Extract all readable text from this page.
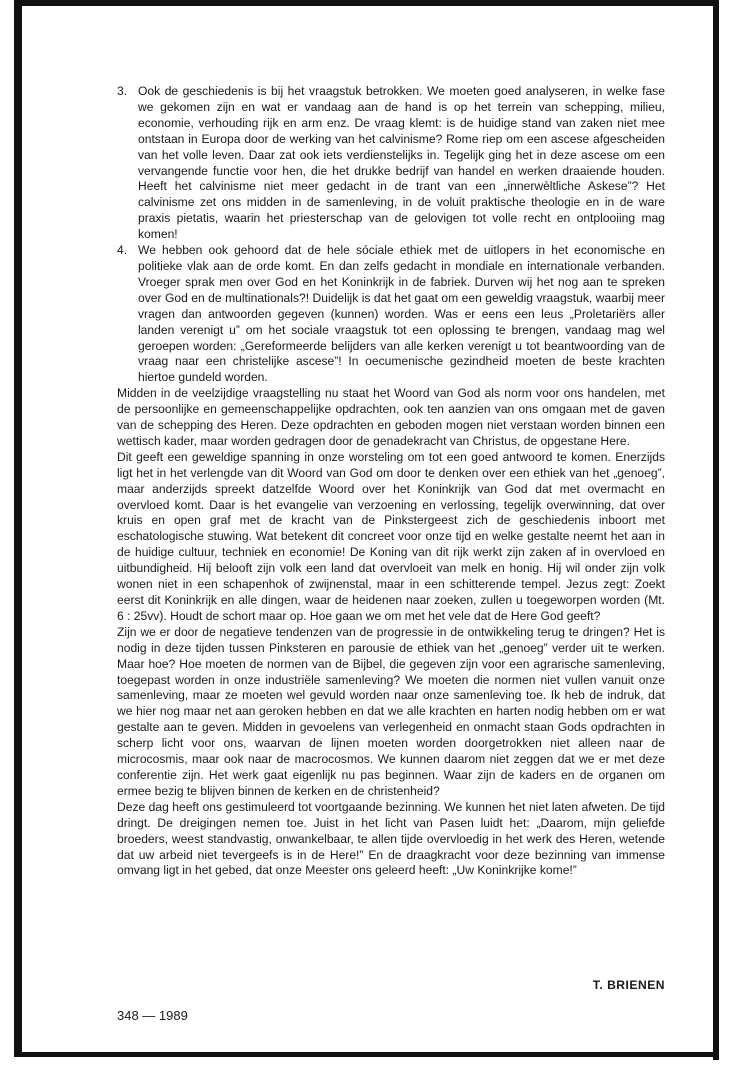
3. Ook de geschiedenis is bij het vraagstuk betrokken. We moeten goed analyseren, in welke fase we gekomen zijn en wat er vandaag aan de hand is op het terrein van schepping, milieu, economie, verhouding rijk en arm enz. De vraag klemt: is de huidige stand van zaken niet mee ontstaan in Europa door de werking van het calvinisme? Rome riep om een ascese afgescheiden van het volle leven. Daar zat ook iets verdienstelijks in. Tegelijk ging het in deze ascese om een vervangende functie voor hen, die het drukke bedrijf van handel en werken draaiende houden. Heeft het calvinisme niet meer gedacht in de trant van een „innerwèltliche Askese”? Het calvinisme zet ons midden in de samenleving, in de voluit praktische theologie en in de ware praxis pietatis, waarin het priesterschap van de gelovigen tot volle recht en ontplooiing mag komen!

4. We hebben ook gehoord dat de hele sóciale ethiek met de uitlopers in het economische en politieke vlak aan de orde komt. En dan zelfs gedacht in mondiale en internationale verbanden. Vroeger sprak men over God en het Koninkrijk in de fabriek. Durven wij het nog aan te spreken over God en de multinationals?! Duidelijk is dat het gaat om een geweldig vraagstuk, waarbij meer vragen dan antwoorden gegeven (kunnen) worden. Was er eens een leus „Proletariërs aller landen verenigt u” om het sociale vraagstuk tot een oplossing te brengen, vandaag mag wel geroepen worden: „Gereformeerde belijders van alle kerken verenigt u tot beantwoording van de vraag naar een christelijke ascese”! In oecumenische gezindheid moeten de beste krachten hiertoe gundeld worden.

Midden in de veelzijdige vraagstelling nu staat het Woord van God als norm voor ons handelen, met de persoonlijke en gemeenschappelijke opdrachten, ook ten aanzien van ons omgaan met de gaven van de schepping des Heren. Deze opdrachten en geboden mogen niet verstaan worden binnen een wettisch kader, maar worden gedragen door de genadekracht van Christus, de opgestane Here.

Dit geeft een geweldige spanning in onze worsteling om tot een goed antwoord te komen. Enerzijds ligt het in het verlengde van dit Woord van God om door te denken over een ethiek van het „genoeg”, maar anderzijds spreekt datzelfde Woord over het Koninkrijk van God dat met overmacht en overvloed komt. Daar is het evangelie van verzoening en verlossing, tegelijk overwinning, dat over kruis en open graf met de kracht van de Pinkstergeest zich de geschiedenis inboort met eschatologische stuwing. Wat betekent dit concreet voor onze tijd en welke gestalte neemt het aan in de huidige cultuur, techniek en economie! De Koning van dit rijk werkt zijn zaken af in overvloed en uitbundigheid. Hij belooft zijn volk een land dat overvloeit van melk en honig. Hij wil onder zijn volk wonen niet in een schapenhok of zwijnenstal, maar in een schitterende tempel. Jezus zegt: Zoekt eerst dit Koninkrijk en alle dingen, waar de heidenen naar zoeken, zullen u toegeworpen worden (Mt. 6 : 25vv). Houdt de schort maar op. Hoe gaan we om met het vele dat de Here God geeft?

Zijn we er door de negatieve tendenzen van de progressie in de ontwikkeling terug te dringen? Het is nodig in deze tijden tussen Pinksteren en parousie de ethiek van het „genoeg” verder uit te werken. Maar hoe? Hoe moeten de normen van de Bijbel, die gegeven zijn voor een agrarische samenleving, toegepast worden in onze industriële samenleving? We moeten die normen niet vullen vanuit onze samenleving, maar ze moeten wel gevuld worden naar onze samenleving toe. Ik heb de indruk, dat we hier nog maar net aan geroken hebben en dat we alle krachten en harten nodig hebben om er wat gestalte aan te geven. Midden in gevoelens van verlegenheid en onmacht staan Gods opdrachten in scherp licht voor ons, waarvan de lijnen moeten worden doorgetrokken niet alleen naar de microcosmis, maar ook naar de macrocosmos. We kunnen daarom niet zeggen dat we er met deze conferentie zijn. Het werk gaat eigenlijk nu pas beginnen. Waar zijn de kaders en de organen om ermee bezig te blijven binnen de kerken en de christenheid?

Deze dag heeft ons gestimuleerd tot voortgaande bezinning. We kunnen het niet laten afweten. De tijd dringt. De dreigingen nemen toe. Juist in het licht van Pasen luidt het: „Daarom, mijn geliefde broeders, weest standvastig, onwankelbaar, te allen tijde overvloedig in het werk des Heren, wetende dat uw arbeid niet tevergeefs is in de Here!” En de draagkracht voor deze bezinning van immense omvang ligt in het gebed, dat onze Meester ons geleerd heeft: „Uw Koninkrijke kome!”

T. BRIENEN
348 — 1989
